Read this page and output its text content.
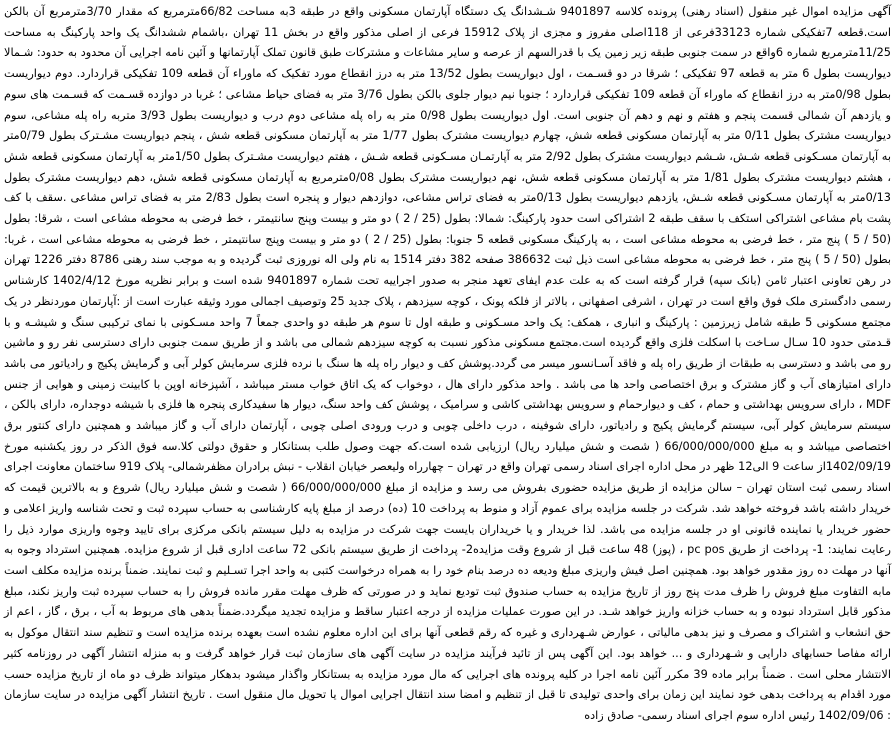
آگهی مزایده اموال غیر منقول (اسناد رهنی) پرونده کلاسه 9401897 شـشدانگ یک دستگاه آپارتمان مسکونی واقع در طبقه 3به مساحت 66/82مترمربع که مقدار 3/70مترمربع آن بالکن است.قطعه 7تفکیکی شماره 33123فرعی از 118اصلی مفروز و مجزی از پلاک 15912 فرعی از اصلی مذکور واقع در بخش 11 تهران ،باشمام ششدانگ یک واحد پارکینگ به مساحت 11/25مترمربع شماره 6واقع در سمت جنوبی طبقه زیر زمین یک با قدرالسهم از عرصه و سایر مشاعات و مشترکات طبق قانون تملک آپارتمانها و آئین نامه اجرایی آن محدود به حدود: شـمالا دیواریست بطول 6 متر به قطعه 97 تفکیکی ؛ شرقا در دو قسـمت ، اول دیواریست بطول 13/52 متر به درز انقطاع مورد تفکیک که ماوراء آن قطعه 109 تفکیکی قراردارد. دوم دیواریست بطول 0/98متر به درز انقطاع که ماوراء آن قطعه 109 تفکیکی قراردارد ؛ جنوبا نیم دیوار جلوی بالکن بطول 3/76 متر به فضای حیاط مشاعی ؛ غربا در دوازده قسـمت که قسـمت های سوم و یازدهم آن شمالی قسمت پنجم و هفتم و نهم و دهم آن جنوبی است. اول دیواریست بطول 0/98 متر به راه پله مشاعی دوم درب و دیواریست بطول 3/93 متربه راه پله مشاعی، سوم دیواریست مشترک بطول 0/11 متر به آپارتمان مسکونی قطعه شش، چهارم دیواریست مشترک بطول 1/77 متر به آپارتمان مسکونی قطعه شش ، پنجم دیواریست مشـترک بطول 0/79متر به آپارتمان مسـکونی قطعه شـش، شـشم دیواریست مشترک بطول 2/92 متر به آپارتمـان مسـکونی قطعه شـش ، هفتم دیواریست مشـترک بطول 1/50متر به آپارتمان مسکونی قطعه شش ، هشتم دیواریست مشترک بطول 1/81 متر به آپارتمان مسکونی قطعه شش، نهم دیواریست مشترک بطول 0/08مترمربع به آپارتمان مسکونی قطعه شش، دهم دیواریست مشترک بطول 0/13متر به آپارتمان مسـکونی قطعه شـش، یازدهم دیواریست بطول 0/13متر به فضای تراس مشاعی، دوازدهم دیوار و پنجره است بطول 2/83 متر به فضای تراس مشاعی .سقف با کف پشت بام مشاعی اشتراکی استکف با سقف طبقه 2 اشتراکی است حدود پارکینگ: شمالا: بطول (25 / 2 ) دو متر و بیست وپنج سانتیمتر ، خط فرضی به محوطه مشاعی است ، شرقا: بطول (50 / 5 ) پنج متر ، خط فرضی به محوطه مشاعی است ، به پارکینگ مسکونی قطعه 5 جنوبا: بطول (25 / 2 ) دو متر و بیست وپنج سانتیمتر ، خط فرضی به محوطه مشاعی است ، غربا: بطول (50 / 5 ) پنج متر ، خط فرضی به محوطه مشاعی است ذیل ثبت 386632 صفحه 382 دفتر 1514 به نام ولی اله نوروزی ثبت گردیده و به موجب سند رهنی 8786 دفتر 1226 تهران در رهن تعاونی اعتبار ثامن (بانک سپه) قرار گرفته است که به علت عدم ایفای تعهد منجر به صدور اجراییه تحت شماره 9401897 شده است و برابر نظریه مورخ 1402/4/12 کارشناس رسمی دادگستری ملک فوق واقع است در تهران ، اشرفی اصفهانی ، بالاتر از فلکه پونک ، کوچه سیزدهم ، پلاک جدید 25 وتوصیف اجمالی مورد وثیقه عبارت است از :آپارتمان موردنظر در یک مجتمع مسکونی 5 طبقه شامل زیرزمین : پارکینگ و انباری ، همکف: یک واحد مسـکونی و طبقه اول تا سوم هر طبقه دو واحدی جمعاً 7 واحد مسـکونی با نمای ترکیبی سنگ و شیشـه و با قـدمتی حدود 10 سـال سـاخت با اسکلت فلزی واقع گردیده است.مجتمع مسکونی مذکور نسبت به کوچه سیزدهم شمالی می باشد و از طریق سمت جنوبی دارای دسترسی نفر رو و ماشین رو می باشد و دسترسی به طبقات از طریق راه پله و فاقد آسـانسور میسر می گردد.پوشش کف و دیوار راه پله ها سنگ با نرده فلزی سرمایش کولر آبی و گرمایش پکیج و رادیاتور می باشد دارای امتیازهای آب و گاز مشترک و برق اختصاصی واحد ها می باشد . واحد مذکور دارای هال ، دوخواب که یک اتاق خواب مستر میباشد ، آشپزخانه اوپن با کابینت زمینی و هوایی از جنس MDF ، دارای سرویس بهداشتی و حمام ، کف و دیوارحمام و سرویس بهداشتی کاشی و سرامیک ، پوشش کف واحد سنگ، دیوار ها سفیدکاری پنجره ها فلزی با شیشه دوجداره، دارای بالکن ، سیستم سرمایش کولر آبی، سیستم گرمایش پکیج و رادیاتور، دارای شوفینه ، درب داخلی چوبی و درب ورودی اصلی چوبی ، آپارتمان دارای آب و گاز میباشد و همچنین دارای کنتور برق اختصاصی میباشد و به مبلغ 66/000/000/000 ( شصت و شش میلیارد ریال) ارزیابی شده است.که جهت وصول طلب بستانکار و حقوق دولتی کلا.سه فوق الذکر در روز یکشنبه مورخ 1402/09/19از ساعت 9 الی12 ظهر در محل اداره اجرای اسناد رسمی تهران واقع در تهران – چهارراه ولیعصر خیابان انقلاب - نبش برادران مظفرشمالی- پلاک 919 ساختمان معاونت اجرای اسناد رسمی ثبت استان تهران – سالن مزایده از طریق مزایده حضوری بفروش می رسد و مزایده از مبلغ 66/000/000/000 ( شصت و شش میلیارد ریال) شروع و به بالاترین قیمت که خریدار داشته باشد فروخته خواهد شد. شرکت در جلسه مزایده برای عموم آزاد و منوط به پرداخت 10 (ده) درصد از مبلغ پایه کارشناسی به حساب سپرده ثبت و تحت شناسه واریز اعلامی و حضور خریدار یا نماینده قانونی او در جلسه مزایده می باشد. لذا خریدار و یا خریداران بایست جهت شرکت در مزایده به دلیل سیستم بانکی مرکزی برای تایید وجوه واریزی موارد ذیل را رعایت نمایند: 1- پرداخت از طریق pc pos ، (پوز) 48 ساعت قبل از شروع وقت مزایده2- پرداخت از طریق سیستم بانکی 72 ساعت اداری قبل از شروع مزایده. همچنین استرداد وجوه به آنها در مهلت ده روز مقدور خواهد بود. همچنین اصل فیش واریزی مبلغ ودیعه ده درصد بنام خود را به همراه درخواست کتبی به واحد اجرا تسـلیم و ثبت نمایند. ضمناً برنده مزایده مکلف است مابه التفاوت مبلغ فروش را ظرف مدت پنج روز از تاریخ مزایده به حساب صندوق ثبت تودیع نماید و در صورتی که ظرف مهلت مقرر مانده فروش را به حساب سپرده ثبت واریز نکند، مبلغ مذکور قابل استرداد نبوده و به حساب خزانه واریز خواهد شـد. در این صورت عملیات مزایده از درجه اعتبار ساقط و مزایده تجدید میگردد.ضمناً بدهی های مربوط به آب ، برق ، گاز ، اعم از حق انشعاب و اشتراک و مصرف و نیز بدهی مالیاتی ، عوارض شـهرداری و غیره که رقم قطعی آنها برای این اداره معلوم نشده است بعهده برنده مزایده است و تنظیم سند انتقال موکول به ارائه مفاصا حسابهای دارایی و شـهرداری و ... خواهد بود. این آگهی پس از تائید فرآیند مزایده در سایت آگهی های سازمان ثبت قرار خواهد گرفت و به منزله انتشار آگهی در روزنامه کثیر الانتشار محلی است . ضمناً برابر ماده 39 مکرر آئین نامه اجرا در کلیه پرونده های اجرایی که مال مورد مزایده به بستانکار واگذار میشود بدهکار میتواند ظرف دو ماه از تاریخ مزایده حسب مورد اقدام به پرداخت بدهی خود نمایند این زمان برای واحدی تولیدی تا قبل از تنظیم و امضا سند انتقال اجرایی اموال یا تحویل مال منقول است . تاریخ انتشار آگهی مزایده در سایت سازمان : 1402/09/06 رئیس اداره سوم اجرای اسناد رسمی- صادق زاده
